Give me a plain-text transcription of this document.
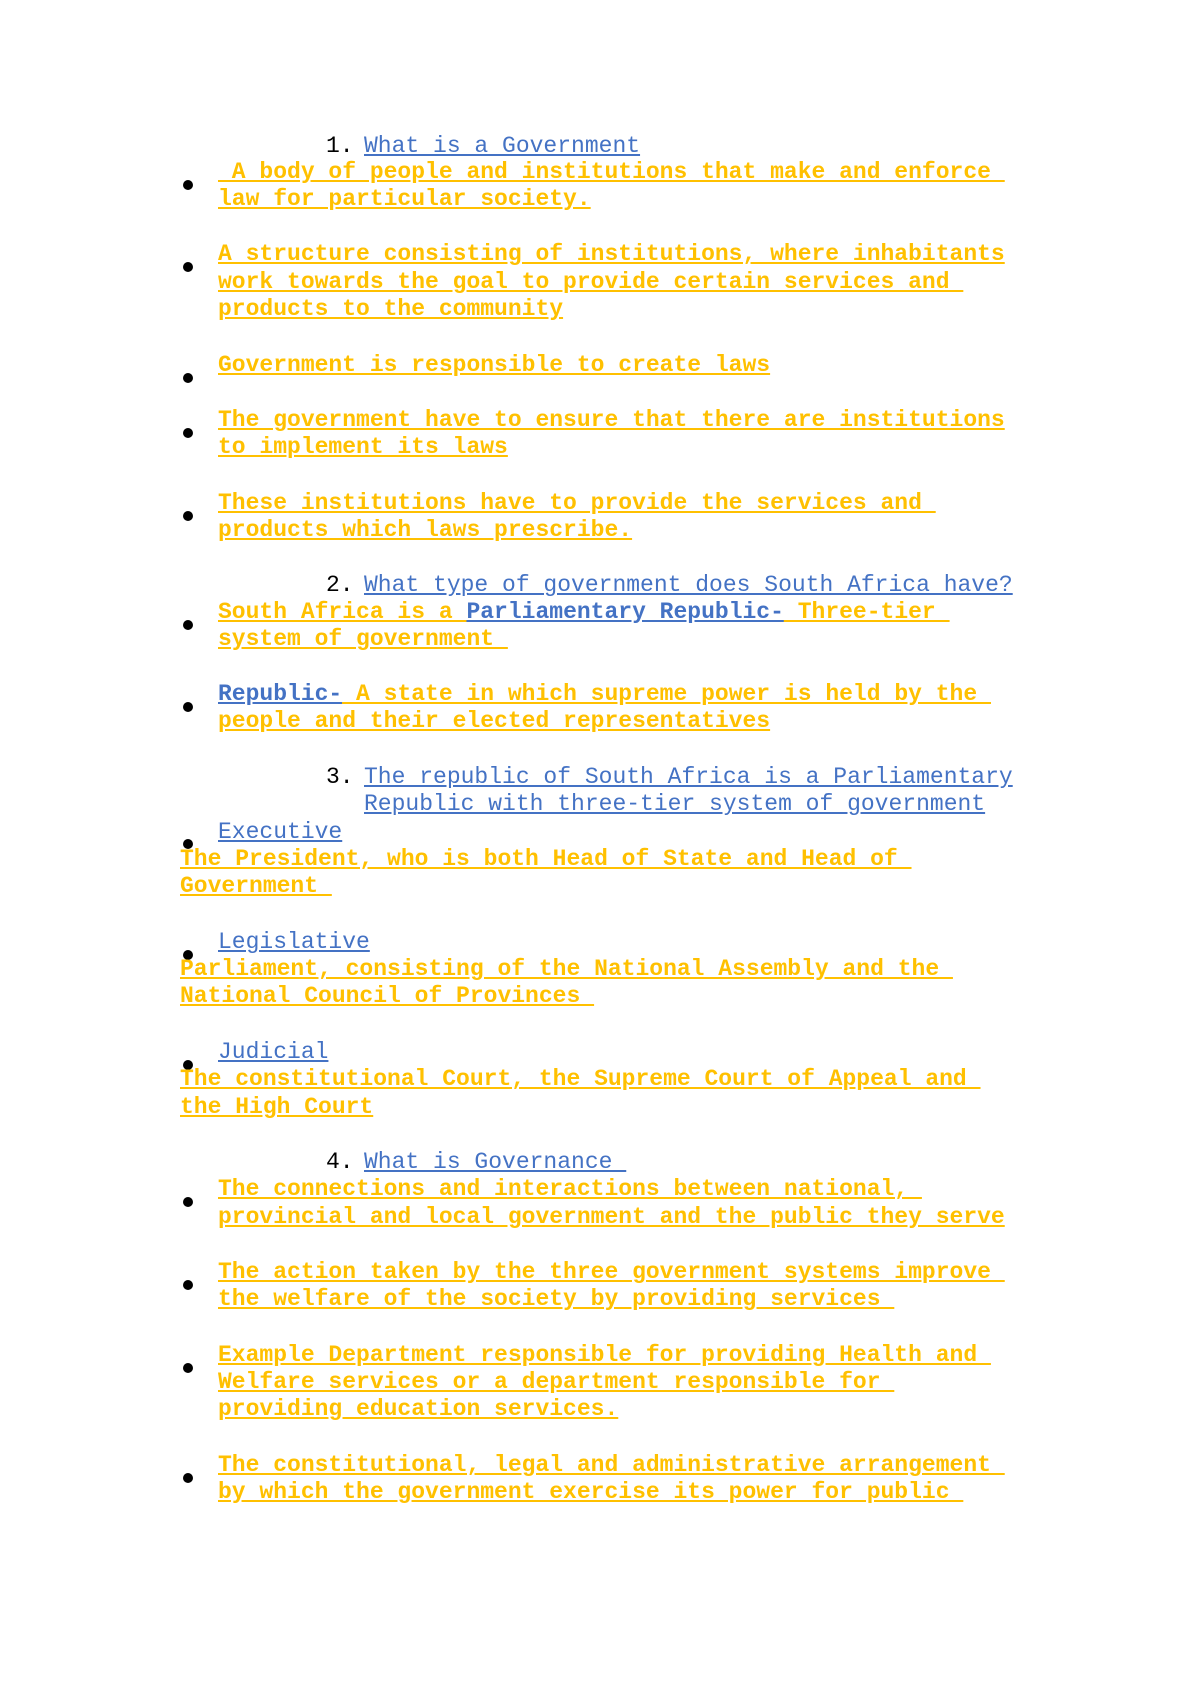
1. What is a Government
A body of people and institutions that make and enforce
law for particular society.
A structure consisting of institutions, where inhabitants
work towards the goal to provide certain services and
products to the community
Government is responsible to create laws
The government have to ensure that there are institutions
to implement its laws
These institutions have to provide the services and
products which laws prescribe.
2. What type of government does South Africa have?
South Africa is a Parliamentary Republic- Three-tier
system of government
Republic- A state in which supreme power is held by the
people and their elected representatives
3. The republic of South Africa is a Parliamentary
Republic with three-tier system of government
Executive
The President, who is both Head of State and Head of
Government
Legislative
Parliament, consisting of the National Assembly and the
National Council of Provinces
Judicial
The constitutional Court, the Supreme Court of Appeal and
the High Court
4. What is Governance
The connections and interactions between national,
provincial and local government and the public they serve
The action taken by the three government systems improve
the welfare of the society by providing services
Example Department responsible for providing Health and
Welfare services or a department responsible for
providing education services.
The constitutional, legal and administrative arrangement
by which the government exercise its power for public
